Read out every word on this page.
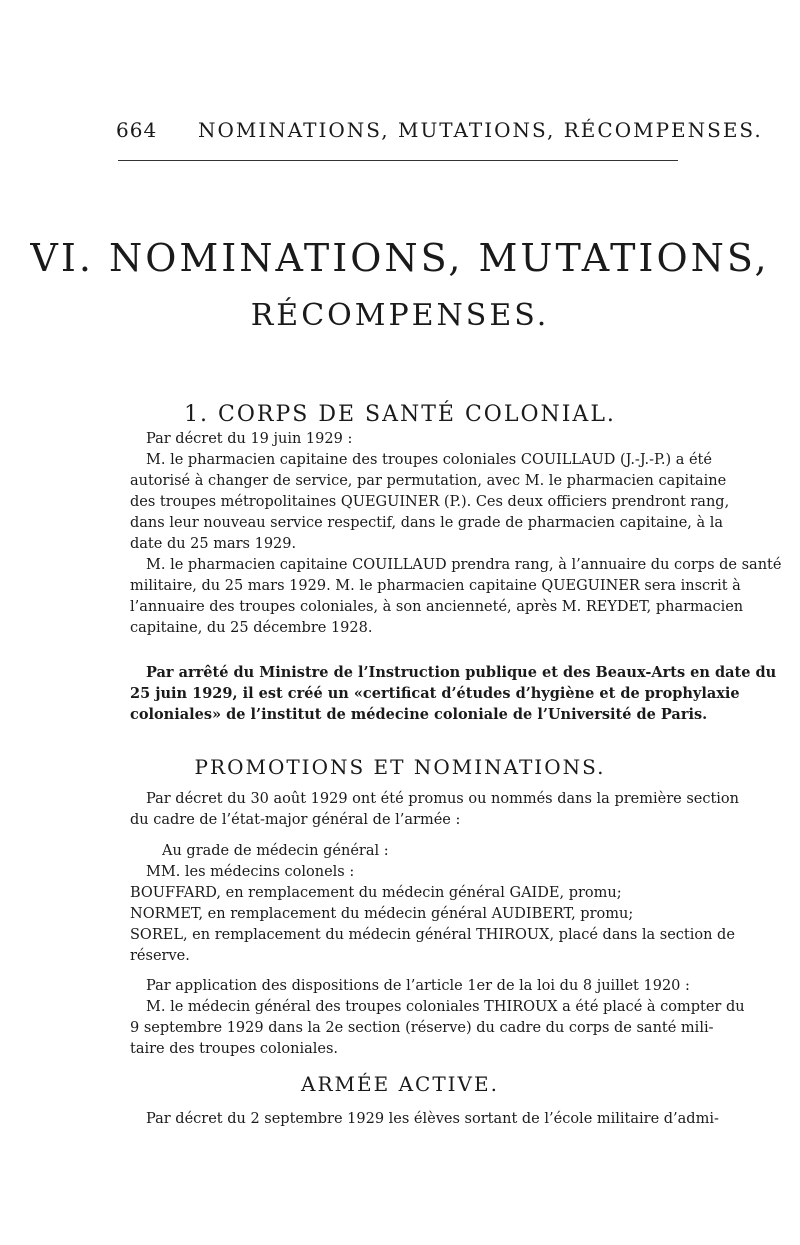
664 NOMINATIONS, MUTATIONS, RÉCOMPENSES.
VI. NOMINATIONS, MUTATIONS,
RÉCOMPENSES.
1. CORPS DE SANTÉ COLONIAL.
Par décret du 19 juin 1929 :
M. le pharmacien capitaine des troupes coloniales COUILLAUD (J.-J.-P.) a été
autorisé à changer de service, par permutation, avec M. le pharmacien capitaine
des troupes métropolitaines QUEGUINER (P.). Ces deux officiers prendront rang,
dans leur nouveau service respectif, dans le grade de pharmacien capitaine, à la
date du 25 mars 1929.
M. le pharmacien capitaine COUILLAUD prendra rang, à l’annuaire du corps de santé
militaire, du 25 mars 1929. M. le pharmacien capitaine QUEGUINER sera inscrit à
l’annuaire des troupes coloniales, à son ancienneté, après M. REYDET, pharmacien
capitaine, du 25 décembre 1928.
Par arrêté du Ministre de l’Instruction publique et des Beaux-Arts en date du
25 juin 1929, il est créé un «certificat d’études d’hygiène et de prophylaxie
coloniales» de l’institut de médecine coloniale de l’Université de Paris.
PROMOTIONS ET NOMINATIONS.
Par décret du 30 août 1929 ont été promus ou nommés dans la première section
du cadre de l’état-major général de l’armée :
Au grade de médecin général :
MM. les médecins colonels :
BOUFFARD, en remplacement du médecin général GAIDE, promu;
NORMET, en remplacement du médecin général AUDIBERT, promu;
SOREL, en remplacement du médecin général THIROUX, placé dans la section de
réserve.
Par application des dispositions de l’article 1er de la loi du 8 juillet 1920 :
M. le médecin général des troupes coloniales THIROUX a été placé à compter du
9 septembre 1929 dans la 2e section (réserve) du cadre du corps de santé mili-
taire des troupes coloniales.
ARMÉE ACTIVE.
Par décret du 2 septembre 1929 les élèves sortant de l’école militaire d’admi-
